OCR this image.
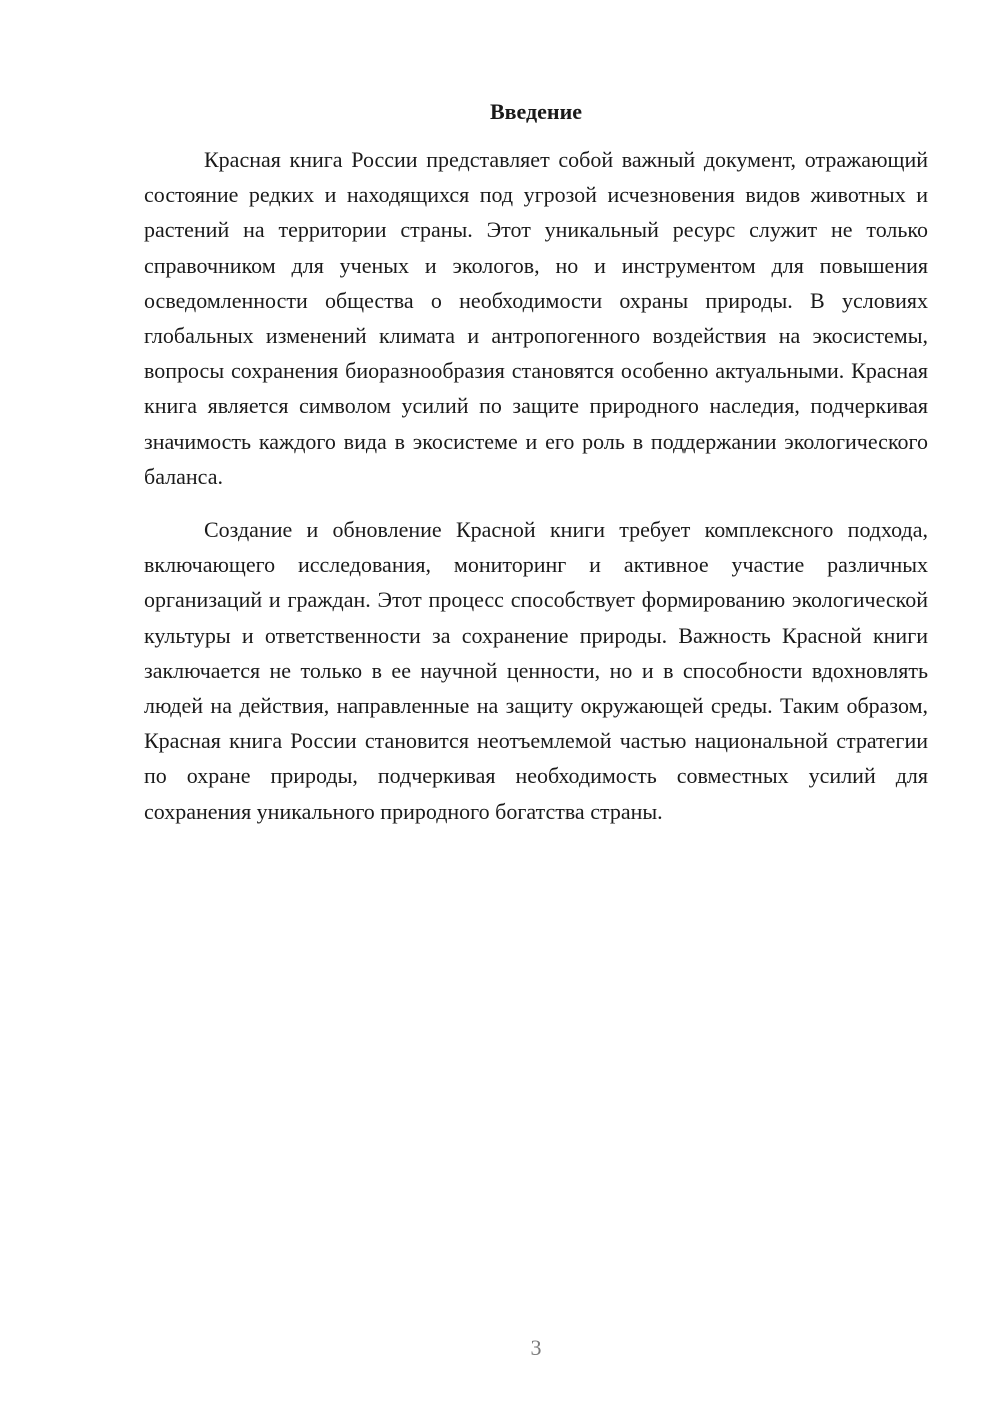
Введение

Красная книга России представляет собой важный документ, отражающий состояние редких и находящихся под угрозой исчезновения видов животных и растений на территории страны. Этот уникальный ресурс служит не только справочником для ученых и экологов, но и инструментом для повышения осведомленности общества о необходимости охраны природы. В условиях глобальных изменений климата и антропогенного воздействия на экосистемы, вопросы сохранения биоразнообразия становятся особенно актуальными. Красная книга является символом усилий по защите природного наследия, подчеркивая значимость каждого вида в экосистеме и его роль в поддержании экологического баланса.

Создание и обновление Красной книги требует комплексного подхода, включающего исследования, мониторинг и активное участие различных организаций и граждан. Этот процесс способствует формированию экологической культуры и ответственности за сохранение природы. Важность Красной книги заключается не только в ее научной ценности, но и в способности вдохновлять людей на действия, направленные на защиту окружающей среды. Таким образом, Красная книга России становится неотъемлемой частью национальной стратегии по охране природы, подчеркивая необходимость совместных усилий для сохранения уникального природного богатства страны.

3
